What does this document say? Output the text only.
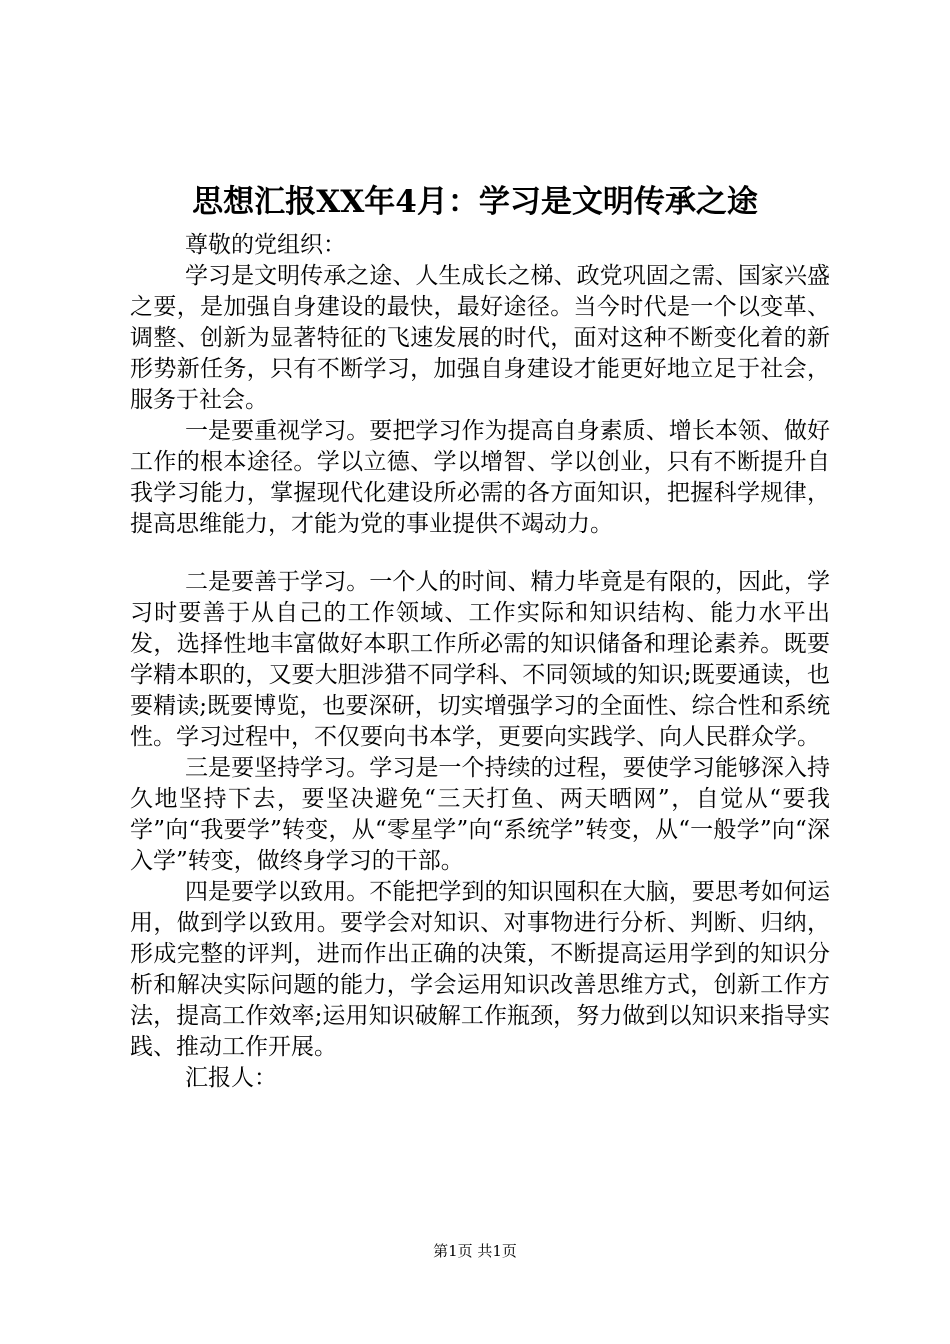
思想汇报XX年4月：学习是文明传承之途

尊敬的党组织：

学习是文明传承之途、人生成长之梯、政党巩固之需、国家兴盛之要，是加强自身建设的最快，最好途径。当今时代是一个以变革、调整、创新为显著特征的飞速发展的时代，面对这种不断变化着的新形势新任务，只有不断学习，加强自身建设才能更好地立足于社会，服务于社会。

一是要重视学习。要把学习作为提高自身素质、增长本领、做好工作的根本途径。学以立德、学以增智、学以创业，只有不断提升自我学习能力，掌握现代化建设所必需的各方面知识，把握科学规律，提高思维能力，才能为党的事业提供不竭动力。

二是要善于学习。一个人的时间、精力毕竟是有限的，因此，学习时要善于从自己的工作领域、工作实际和知识结构、能力水平出发，选择性地丰富做好本职工作所必需的知识储备和理论素养。既要学精本职的，又要大胆涉猎不同学科、不同领域的知识;既要通读，也要精读;既要博览，也要深研，切实增强学习的全面性、综合性和系统性。学习过程中，不仅要向书本学，更要向实践学、向人民群众学。

三是要坚持学习。学习是一个持续的过程，要使学习能够深入持久地坚持下去，要坚决避免“三天打鱼、两天晒网”，自觉从“要我学”向“我要学”转变，从“零星学”向“系统学”转变，从“一般学”向“深入学”转变，做终身学习的干部。

四是要学以致用。不能把学到的知识囤积在大脑，要思考如何运用，做到学以致用。要学会对知识、对事物进行分析、判断、归纳，形成完整的评判，进而作出正确的决策，不断提高运用学到的知识分析和解决实际问题的能力，学会运用知识改善思维方式，创新工作方法，提高工作效率;运用知识破解工作瓶颈，努力做到以知识来指导实践、推动工作开展。

汇报人：

第1页 共1页
